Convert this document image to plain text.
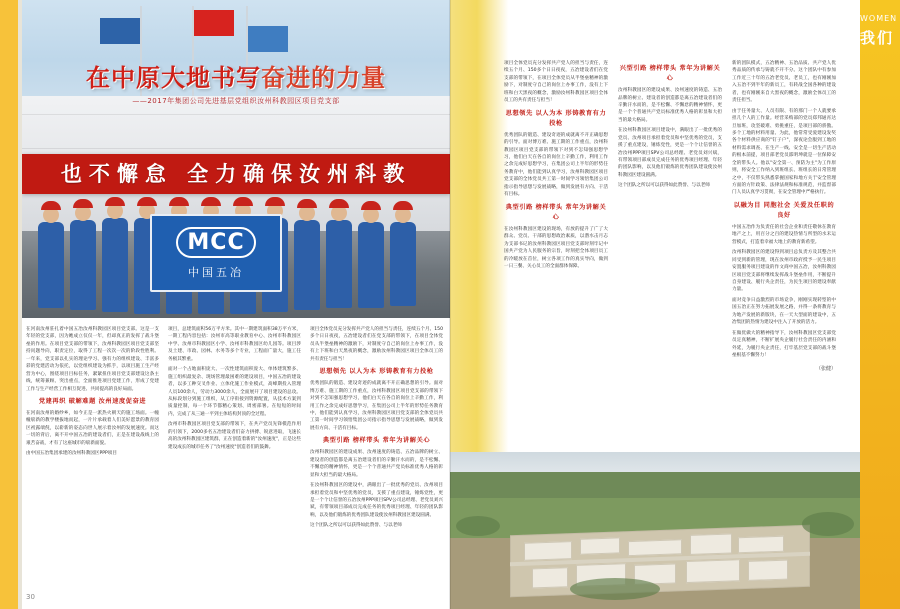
在中原大地书写奋进的力量
——2017年集团公司先进基层党组织汝州科教园区项目党支部
也不懈怠 全力确保汝州科教
MCC
中国五冶

在河南汝州驻扎着中国五冶汝州科教园区项目党支部。这是一支年轻的党支部，因为她成立仅仅一年，但却真正的发挥了战斗堡垒的作用。在项目党支部的带领下，汝州科教园区项目党支部坚持问题导向，职责定位，取得了工程一次次一次的阶段性胜利。一年来，党支部以扎实的理论学习、强有力的组织建设、丰富多彩的党建活动为依托，以党组织建设为抓手，以项目施工生产经营为中心，围绕项目目标任务，紧紧扭住项目党支部建设这条主线，统筹兼顾、突出重点，全面推进项目党建工作，形成了党建工作与生产经营工作相互促进、共同提高的良好局面。

党建再织 破解难题 汝州速度促奋进

在河南汝州的婚纱乡，如今正是一派热火朝天的施工场面。一幢幢崭新的教学楼拔地而起，一片片承载着人们美好愿景的教育园区初露端倪，以崭新的姿态向世人展示着汝州的发展速度。而这一切的背后，离不开中国五冶的建设者们，正是在建设战线上的艰苦奋战，才有了这座城市的崭新面貌。

由中国五冶集团承建的汝州科教园区PPP项目

项目，总建筑面积56万平方米。其中一期建筑面积38万平方米，一期工程内容包括：汝州市高等职业教育中心、汝州市科教园区中学、汝州市科教园区小学、汝州市科教园区幼儿园等。项目涉及土建、市政、园林、水务等多个专业，工程面广量大，施工任务极其繁重。

面对一个占地面积庞大、一次性建筑面积庞大、单体建筑繁多、施工组织最复杂、现场管理最困难的建设项目，中国五冶的建设者，以多工种交叉作业、立体化施工作业模式，高峰期投入管理人员100余人，劳动力3000余人，全面展开了项目建设的总攻。从标段划分到施工组织，从工序衔接到资源配置，从技术方案到质量控制，每一个环节都精心策划、周密部署。在短短的时间内，完成了从三通一平到主体结构封顶的全过程。

汝州市科教园区项目党支部的带领下，在共产党员先锋模范作用的引领下，2000多名五冶建设者们奋力拼搏、锐意进取，飞速长高的汝州科教园区建筑群，正在创造着新的"汝州速度"，正是这些建设成长的城市任务了"汝州速度"创造者们的鼓舞。

项目全体党员充分发挥共产党人的担当与责任，连续五个月、150多个日日夜夜，五冶建设者们在党支部的带领下，在项目全体党员从半堡垒精神的激励下，对制度守自己的岗位上办事工作，没有上下班和白天黑夜的概念，激励汝州科教园区项目全体员工的共有责任与担当！

思想领先 以人为本 形铸教育有力投枪

优秀团队的锻造、建设奇迹的成就离不开正确思想的引导。面对博万难、施工期的工作重点，汝州科教园区项目党支部的带领下对到不怎知强思想学习，他们白天在各自的岗位上辛勤工作，利用工作之余完成好思想学习，在集团公司上半年的形势任务教育中，他们能到认真学习，汝州科教园区项目党支部的全体党员共工第一时间学习领悟集团公司指示指导思想与发展战略，做到发展有方向、干活有目标。

典型引路 榜样带头 常年为讲解关心

汝州科教园区的建设成果、汝州速度的铸造、五冶品牌的树立、建设者的创造都是离五冶建设者们的辛勤汗水而的，是不松懈、不懈怠的精神情怀，更是一个个普通共产党员标准优秀人格的彰显和大担当的最大格局。

在汝州科教园区的建设中，满眼出了一批优秀的党员、汝州项目承担着党员和中坚优秀的党员，支援了重点建设，锤炼党性，更是一个个让信誉的五冶汝州PPP项目SPV公司总经理、老党员刘兴斌，有带领项目部成员完成任务的优秀项目经理、年轻的团队影响，以及他们锻炼的优秀团队建设使汝州科教园区建设圆满。

这个团队之所以可以获得如此赞誉、与以老师

30
WOMEN
我们

项目全体党员充分发挥共产党人的担当与责任，连续五个月、150多个日日夜夜，五冶建设者们在党支部的带领下，在项目全体党员从半堡垒精神的激励下，对制度守自己的岗位上办事工作，没有上下班和白天黑夜的概念，激励汝州科教园区项目全体员工的共有责任与担当！

思想领先 以人为本 形铸教育有力投枪

优秀团队的锻造、建设奇迹的成就离不开正确思想的引导。面对博万难、施工期的工作重点，汝州科教园区项目党支部的带领下对到不怎知强思想学习，他们白天在各自的岗位上辛勤工作，利用工作之余完成好思想学习，在集团公司上半年的形势任务教育中，他们能到认真学习，汝州科教园区项目党支部的全体党员共工第一时间学习领悟集团公司指示指导思想与发展战略，做到发展有方向、干活有目标。

典型引路 榜样带头 常年为讲解关心

在汝州科教园区建设的现场，有放的提升了广了大群众、党员、干部的思想政治素质，以潜水击月志为支部书记的汝州科教园区项目党支部时刻牢记中国共产党为人民服务的宗旨，时刻把全体项目员工的冷暖放在首位，树立各项工作的真实导向，做到一日三餐、关心员工的全面群体保障。

兴型引路 榜样带头 常年为讲解关心

汝州科教园区的建设成果、汝州速度的铸造、五冶品牌的树立、建设者的创造都是离五冶建设者们的辛勤汗水而的，是不松懈、不懈怠的精神情怀，更是一个个普通共产党员标准优秀人格的彰显和大担当的最大格局。

在汝州科教园区项目建设中，满眼出了一批优秀的党员、汝州项目承担着党员和中坚优秀的党员，支援了重点建设，锤炼党性，更是一个个让信誉的五冶汝州PPP项目SPV公司总经理、老党员刘兴斌，有带领项目部成员完成任务的优秀项目经理、年轻的团队影响，以及他们锻炼的优秀团队建设使汝州科教园区建设圆满。

这个团队之所以可以获得如此赞誉、与以老师

新的团队模式，五冶精神、五冶品质、共产党人优秀品质的传承与铸就不开不分。这个团队中有参加工作近三十年的五冶老党员、老员工，也有刚刚加入五冶不到半年的新员工，有转战全国各种的建设者，也有刚刚来自大黑夜的概念，激励全体员工的责任担当。

由于任务量大、人员有限、有的那门一个人就要承担几个人的工作量。经营采购部的党员郑邦通宵达旦加班，攻坚破难、勇挑重任，是项目部的骄傲。多个工地的材料用量、为此，他常常受爱建设发奖各个材料供应商的"钉子户"，深夜论会服到工地的材料需求调查、在生产一线、安全是一切生产活动的根本前提，项目部老党员邵明坤就是一位保障安全的带头人。他以"安全第一、预防为主"为工作原则，将安全工作纳入到班组长、班组长的日常管理之中，不仅带头熟悉掌握国家和地方关于安全管理方面的方针政策、法律法规和标准规范，并监督部门人员认真学习贯彻，在安全管理中严格执行。

以融为目 同胞社会 关爱及任职的良好

中国五冶作为负责任的社会企业和责任敬休在教育地产之上，用百分之百的建设热情与所型的水未运营模式，打造着幸福大地上的教育新希望。

汝州科教园区的建设得到项目总负责方及其整合共同受到新的管理，现在汝州市政府授予一民生项目安置服务项目建设的作文商中国五冶，汝州科教园区项目党支部将继续发挥战斗堡垒作用，不断提升自身建设、履行央企责任，为民生项目的建设奉献力量。

面对竞争日益激烈的市场竞争，刚刚实现转型的中国五冶正在努力拓展发展之路，并得一条将教育与为地产发展的新版块，在一天大型面的建设中，五冶集团的热情为建设中注入了开放的活力。

在做优做大的精神指导下，汝州科教园区党支部党员定真精神，不断扩展央企履行社会责任的内涵和外延，为履行央企责任，打牢基层党支部的战斗堡垒根基不懈努力！

（张健）
